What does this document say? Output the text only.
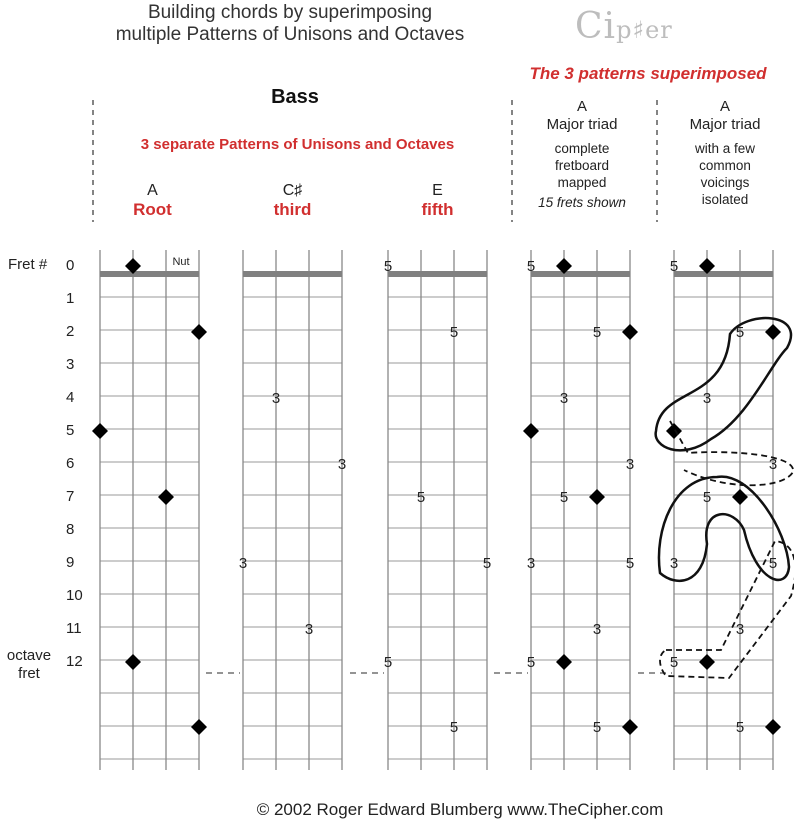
Building chords by superimposing
multiple Patterns of Unisons and Octaves	Cip♯er
The 3 patterns superimposed
Bass
3 separate Patterns of Unisons and Octaves
A
Root
C♯
third
E
fifth
A
Major triad
complete
fretboard
mapped
15 frets shown
A
Major triad
with a few
common
voicings
isolated
Fret # 0
1
2
3
4
5
6
7
8
9
10
11
12
octave
fret
Nut
3
3
3
3
5
5
5
5
5
5
3
3
3
3
5
5
5
5
5
5
3
3
3
3
5
5
5
5
5
5
© 2002 Roger Edward Blumberg www.TheCipher.com
